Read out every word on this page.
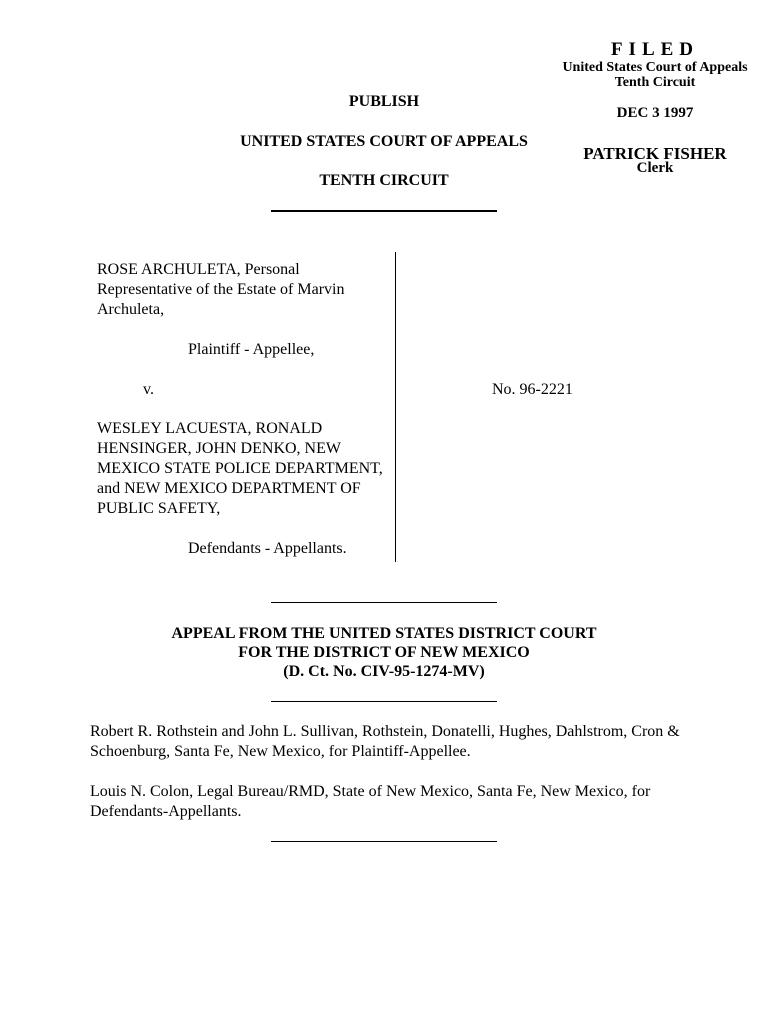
FILED
United States Court of Appeals
Tenth Circuit
DEC 3 1997
PATRICK FISHER
Clerk
PUBLISH
UNITED STATES COURT OF APPEALS
TENTH CIRCUIT
ROSE ARCHULETA, Personal Representative of the Estate of Marvin Archuleta,
Plaintiff - Appellee,
v.	No. 96-2221
WESLEY LACUESTA, RONALD HENSINGER, JOHN DENKO, NEW MEXICO STATE POLICE DEPARTMENT, and NEW MEXICO DEPARTMENT OF PUBLIC SAFETY,
Defendants - Appellants.
APPEAL FROM THE UNITED STATES DISTRICT COURT
FOR THE DISTRICT OF NEW MEXICO
(D. Ct. No. CIV-95-1274-MV)
Robert R. Rothstein and John L. Sullivan, Rothstein, Donatelli, Hughes, Dahlstrom, Cron & Schoenburg, Santa Fe, New Mexico, for Plaintiff-Appellee.
Louis N. Colon, Legal Bureau/RMD, State of New Mexico, Santa Fe, New Mexico, for Defendants-Appellants.
